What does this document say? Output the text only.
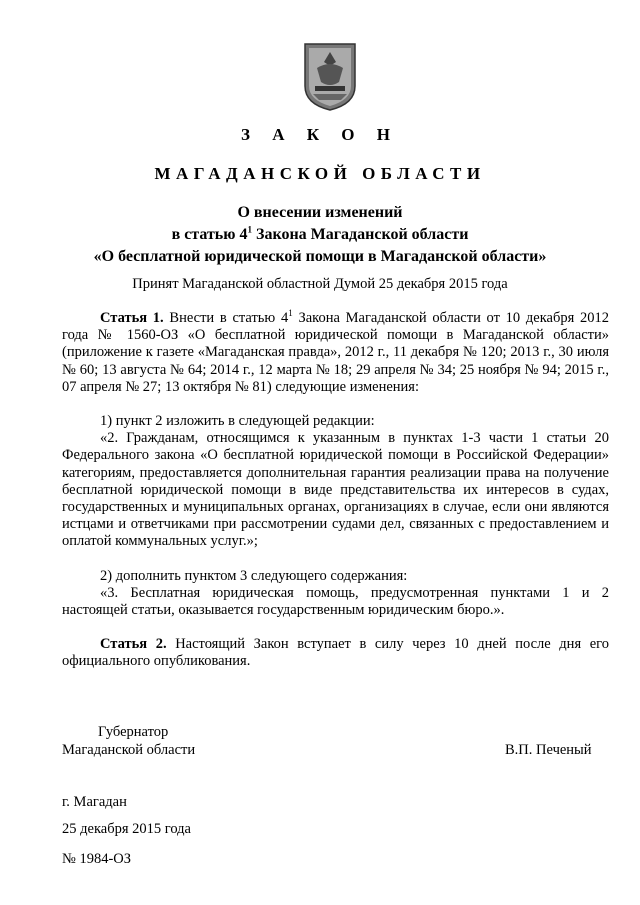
З А К О Н
МАГАДАНСКОЙ ОБЛАСТИ
О внесении изменений
в статью $4^1$ Закона Магаданской области
«О бесплатной юридической помощи в Магаданской области»
Принят Магаданской областной Думой 25 декабря 2015 года

Статья 1. Внести в статью $4^1$ Закона Магаданской области от 10 декабря 2012 года № 1560-ОЗ «О бесплатной юридической помощи в Магаданской области» (приложение к газете «Магаданская правда», 2012 г., 11 декабря № 120; 2013 г., 30 июля № 60; 13 августа № 64; 2014 г., 12 марта № 18; 29 апреля № 34; 25 ноября № 94; 2015 г., 07 апреля № 27; 13 октября № 81) следующие изменения:

1) пункт 2 изложить в следующей редакции:

«2. Гражданам, относящимся к указанным в пунктах 1-3 части 1 статьи 20 Федерального закона «О бесплатной юридической помощи в Российской Федерации» категориям, предоставляется дополнительная гарантия реализации права на получение бесплатной юридической помощи в виде представительства их интересов в судах, государственных и муниципальных органах, организациях в случае, если они являются истцами и ответчиками при рассмотрении судами дел, связанных с предоставлением и оплатой коммунальных услуг.»;

2) дополнить пунктом 3 следующего содержания:

«3. Бесплатная юридическая помощь, предусмотренная пунктами 1 и 2 настоящей статьи, оказывается государственным юридическим бюро.».

Статья 2. Настоящий Закон вступает в силу через 10 дней после дня его официального опубликования.

Губернатор
Магаданской области	В.П. Печеный
г. Магадан
25 декабря 2015 года
№ 1984-ОЗ
